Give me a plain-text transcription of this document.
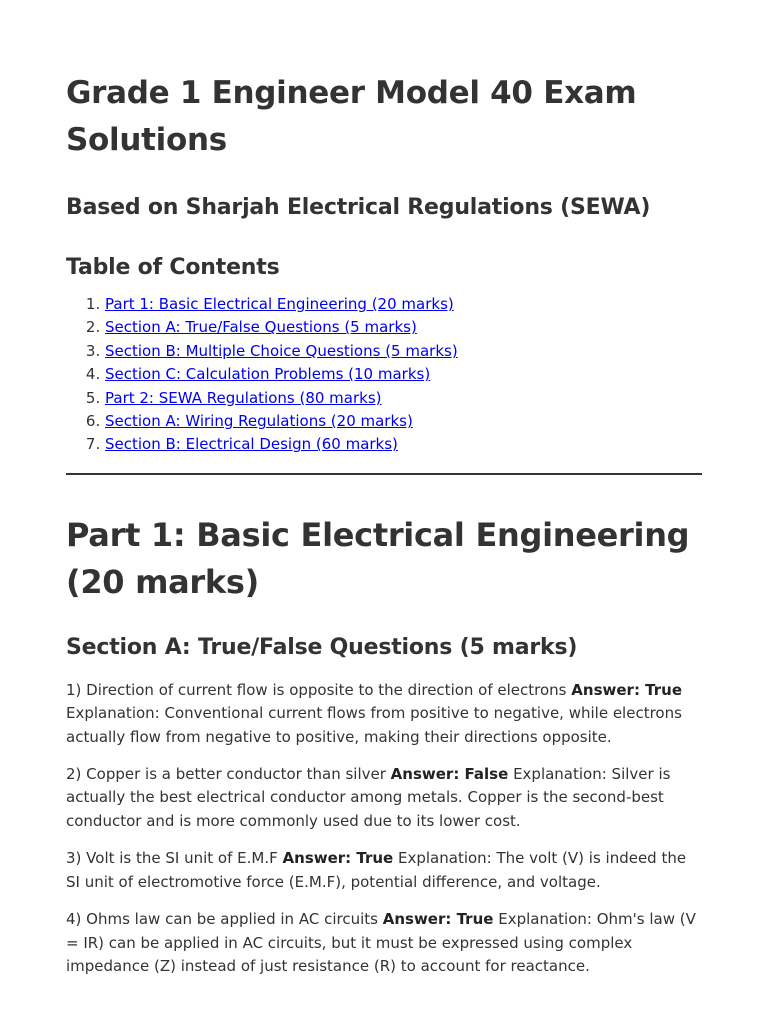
Grade 1 Engineer Model 40 Exam Solutions
Based on Sharjah Electrical Regulations (SEWA)
Table of Contents
1. Part 1: Basic Electrical Engineering (20 marks)
2. Section A: True/False Questions (5 marks)
3. Section B: Multiple Choice Questions (5 marks)
4. Section C: Calculation Problems (10 marks)
5. Part 2: SEWA Regulations (80 marks)
6. Section A: Wiring Regulations (20 marks)
7. Section B: Electrical Design (60 marks)
Part 1: Basic Electrical Engineering (20 marks)
Section A: True/False Questions (5 marks)

1) Direction of current flow is opposite to the direction of electrons Answer: True Explanation: Conventional current flows from positive to negative, while electrons actually flow from negative to positive, making their directions opposite.

2) Copper is a better conductor than silver Answer: False Explanation: Silver is actually the best electrical conductor among metals. Copper is the second-best conductor and is more commonly used due to its lower cost.

3) Volt is the SI unit of E.M.F Answer: True Explanation: The volt (V) is indeed the SI unit of electromotive force (E.M.F), potential difference, and voltage.

4) Ohms law can be applied in AC circuits Answer: True Explanation: Ohm's law (V = IR) can be applied in AC circuits, but it must be expressed using complex impedance (Z) instead of just resistance (R) to account for reactance.
